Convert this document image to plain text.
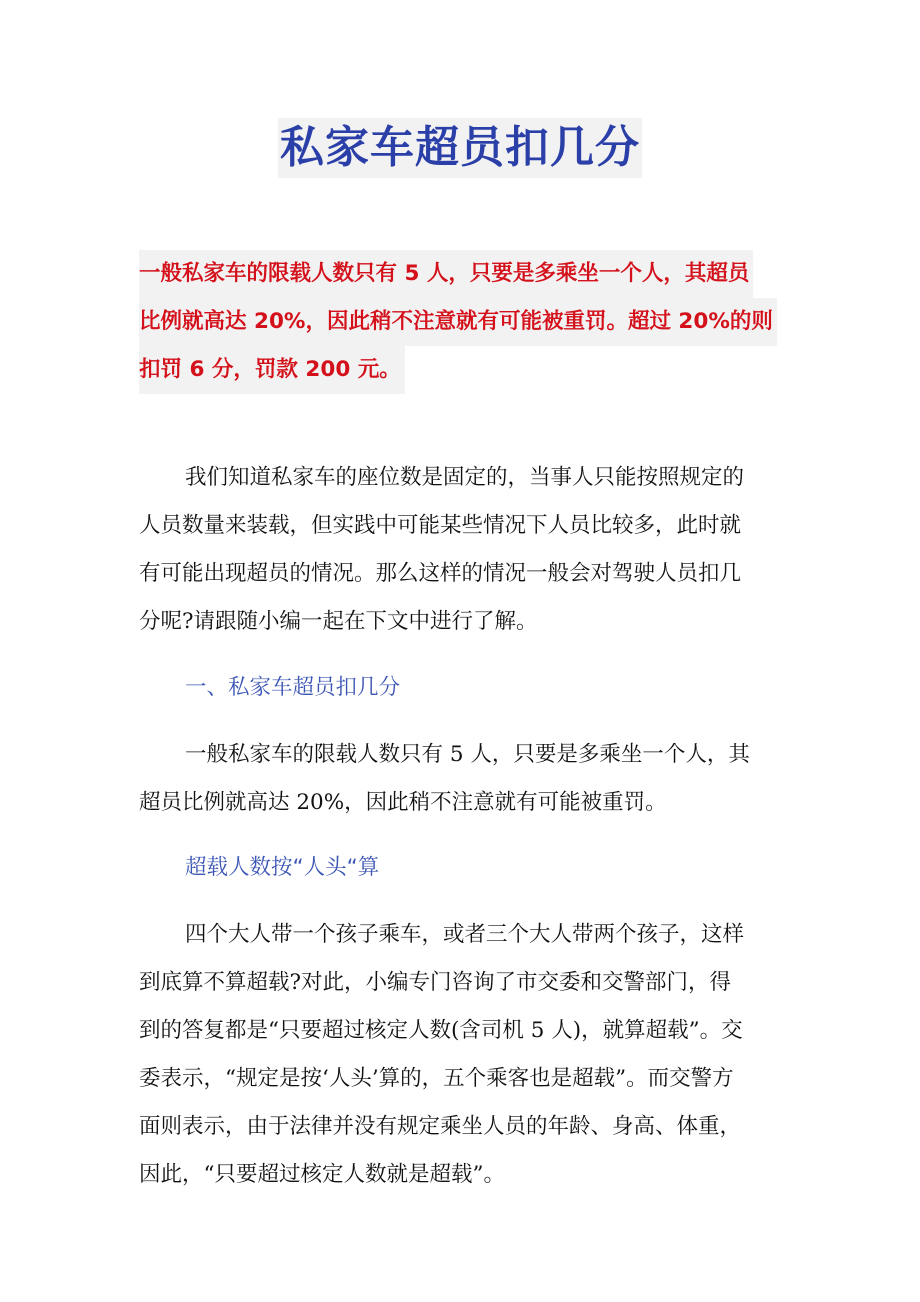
私家车超员扣几分
一般私家车的限载人数只有 5 人，只要是多乘坐一个人，其超员
比例就高达 20%，因此稍不注意就有可能被重罚。超过 20%的则
扣罚 6 分，罚款 200 元。
我们知道私家车的座位数是固定的，当事人只能按照规定的
人员数量来装载，但实践中可能某些情况下人员比较多，此时就
有可能出现超员的情况。那么这样的情况一般会对驾驶人员扣几
分呢?请跟随小编一起在下文中进行了解。
一、私家车超员扣几分
一般私家车的限载人数只有 5 人，只要是多乘坐一个人，其
超员比例就高达 20%，因此稍不注意就有可能被重罚。
超载人数按“人头“算
四个大人带一个孩子乘车，或者三个大人带两个孩子，这样
到底算不算超载?对此，小编专门咨询了市交委和交警部门，得
到的答复都是“只要超过核定人数(含司机 5 人)，就算超载”。交
委表示，“规定是按‘人头’算的，五个乘客也是超载”。而交警方
面则表示，由于法律并没有规定乘坐人员的年龄、身高、体重，
因此，“只要超过核定人数就是超载”。
